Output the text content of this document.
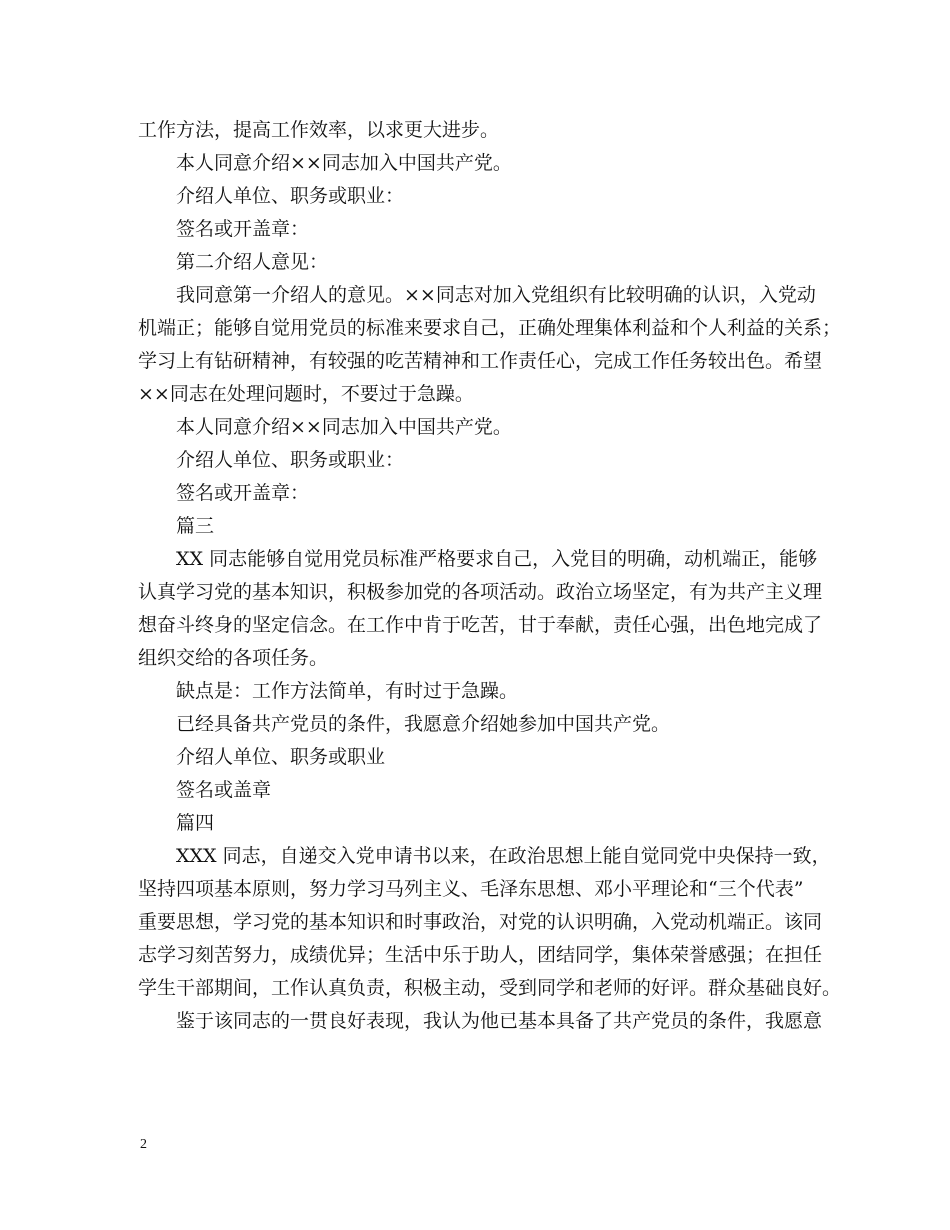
工作方法，提高工作效率，以求更大进步。
本人同意介绍××同志加入中国共产党。
介绍人单位、职务或职业：
签名或开盖章：
第二介绍人意见：
我同意第一介绍人的意见。××同志对加入党组织有比较明确的认识，入党动
机端正；能够自觉用党员的标准来要求自己，正确处理集体利益和个人利益的关系；
学习上有钻研精神，有较强的吃苦精神和工作责任心，完成工作任务较出色。希望
××同志在处理问题时，不要过于急躁。
本人同意介绍××同志加入中国共产党。
介绍人单位、职务或职业：
签名或开盖章：
篇三
XX 同志能够自觉用党员标准严格要求自己，入党目的明确，动机端正，能够
认真学习党的基本知识，积极参加党的各项活动。政治立场坚定，有为共产主义理
想奋斗终身的坚定信念。在工作中肯于吃苦，甘于奉献，责任心强，出色地完成了
组织交给的各项任务。
缺点是：工作方法简单，有时过于急躁。
已经具备共产党员的条件，我愿意介绍她参加中国共产党。
介绍人单位、职务或职业
签名或盖章
篇四
XXX 同志，自递交入党申请书以来，在政治思想上能自觉同党中央保持一致，
坚持四项基本原则，努力学习马列主义、毛泽东思想、邓小平理论和“三个代表”
重要思想，学习党的基本知识和时事政治，对党的认识明确，入党动机端正。该同
志学习刻苦努力，成绩优异；生活中乐于助人，团结同学，集体荣誉感强；在担任
学生干部期间，工作认真负责，积极主动，受到同学和老师的好评。群众基础良好。
鉴于该同志的一贯良好表现，我认为他已基本具备了共产党员的条件，我愿意
2
